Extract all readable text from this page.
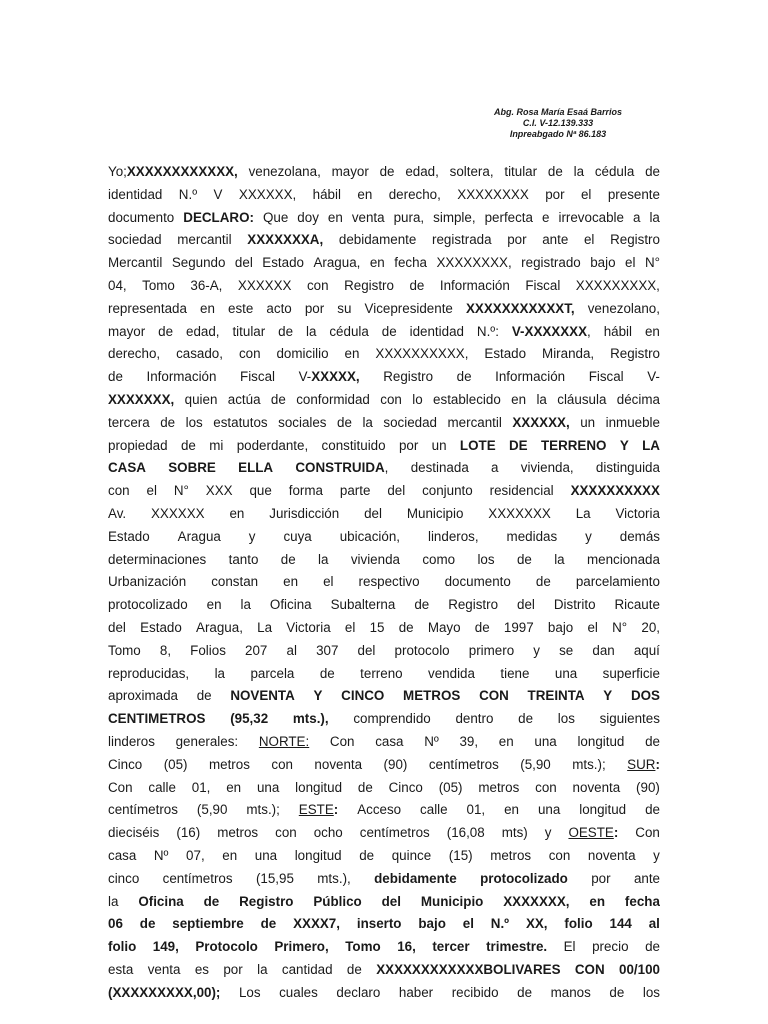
Abg. Rosa María Esaá Barrios
C.I. V-12.139.333
Inpreabgado Nª 86.183
Yo;XXXXXXXXXXXX, venezolana, mayor de edad, soltera, titular de la cédula de
identidad N.º V XXXXXX, hábil en derecho, XXXXXXXX por el presente
documento DECLARO: Que doy en venta pura, simple, perfecta e irrevocable a la
sociedad mercantil XXXXXXXA, debidamente registrada por ante el Registro
Mercantil Segundo del Estado Aragua, en fecha XXXXXXXX, registrado bajo el N°
04, Tomo 36-A, XXXXXX con Registro de Información Fiscal XXXXXXXXX,
representada en este acto por su Vicepresidente XXXXXXXXXXXT, venezolano,
mayor de edad, titular de la cédula de identidad N.º: V-XXXXXXX, hábil en
derecho, casado, con domicilio en XXXXXXXXXX, Estado Miranda, Registro
de Información Fiscal V-XXXXX, Registro de Información Fiscal V-
XXXXXXX, quien actúa de conformidad con lo establecido en la cláusula décima
tercera de los estatutos sociales de la sociedad mercantil XXXXXX, un inmueble
propiedad de mi poderdante, constituido por un LOTE DE TERRENO Y LA
CASA SOBRE ELLA CONSTRUIDA, destinada a vivienda, distinguida
con el N° XXX que forma parte del conjunto residencial XXXXXXXXXX
Av. XXXXXX en Jurisdicción del Municipio XXXXXXX La Victoria
Estado Aragua y cuya ubicación, linderos, medidas y demás
determinaciones tanto de la vivienda como los de la mencionada
Urbanización constan en el respectivo documento de parcelamiento
protocolizado en la Oficina Subalterna de Registro del Distrito Ricaute
del Estado Aragua, La Victoria el 15 de Mayo de 1997 bajo el N° 20,
Tomo 8, Folios 207 al 307 del protocolo primero y se dan aquí
reproducidas, la parcela de terreno vendida tiene una superficie
aproximada de NOVENTA Y CINCO METROS CON TREINTA Y DOS
CENTIMETROS (95,32 mts.), comprendido dentro de los siguientes
linderos generales: NORTE: Con casa Nº 39, en una longitud de
Cinco (05) metros con noventa (90) centímetros (5,90 mts.); SUR:
Con calle 01, en una longitud de Cinco (05) metros con noventa (90)
centímetros (5,90 mts.); ESTE: Acceso calle 01, en una longitud de
dieciséis (16) metros con ocho centímetros (16,08 mts) y OESTE: Con
casa Nº 07, en una longitud de quince (15) metros con noventa y
cinco centímetros (15,95 mts.), debidamente protocolizado por ante
la Oficina de Registro Público del Municipio XXXXXXX, en fecha
06 de septiembre de XXXX7, inserto bajo el N.º XX, folio 144 al
folio 149, Protocolo Primero, Tomo 16, tercer trimestre. El precio de
esta venta es por la cantidad de XXXXXXXXXXXXBOLIVARES CON 00/100
(XXXXXXXXX,00); Los cuales declaro haber recibido de manos de los
